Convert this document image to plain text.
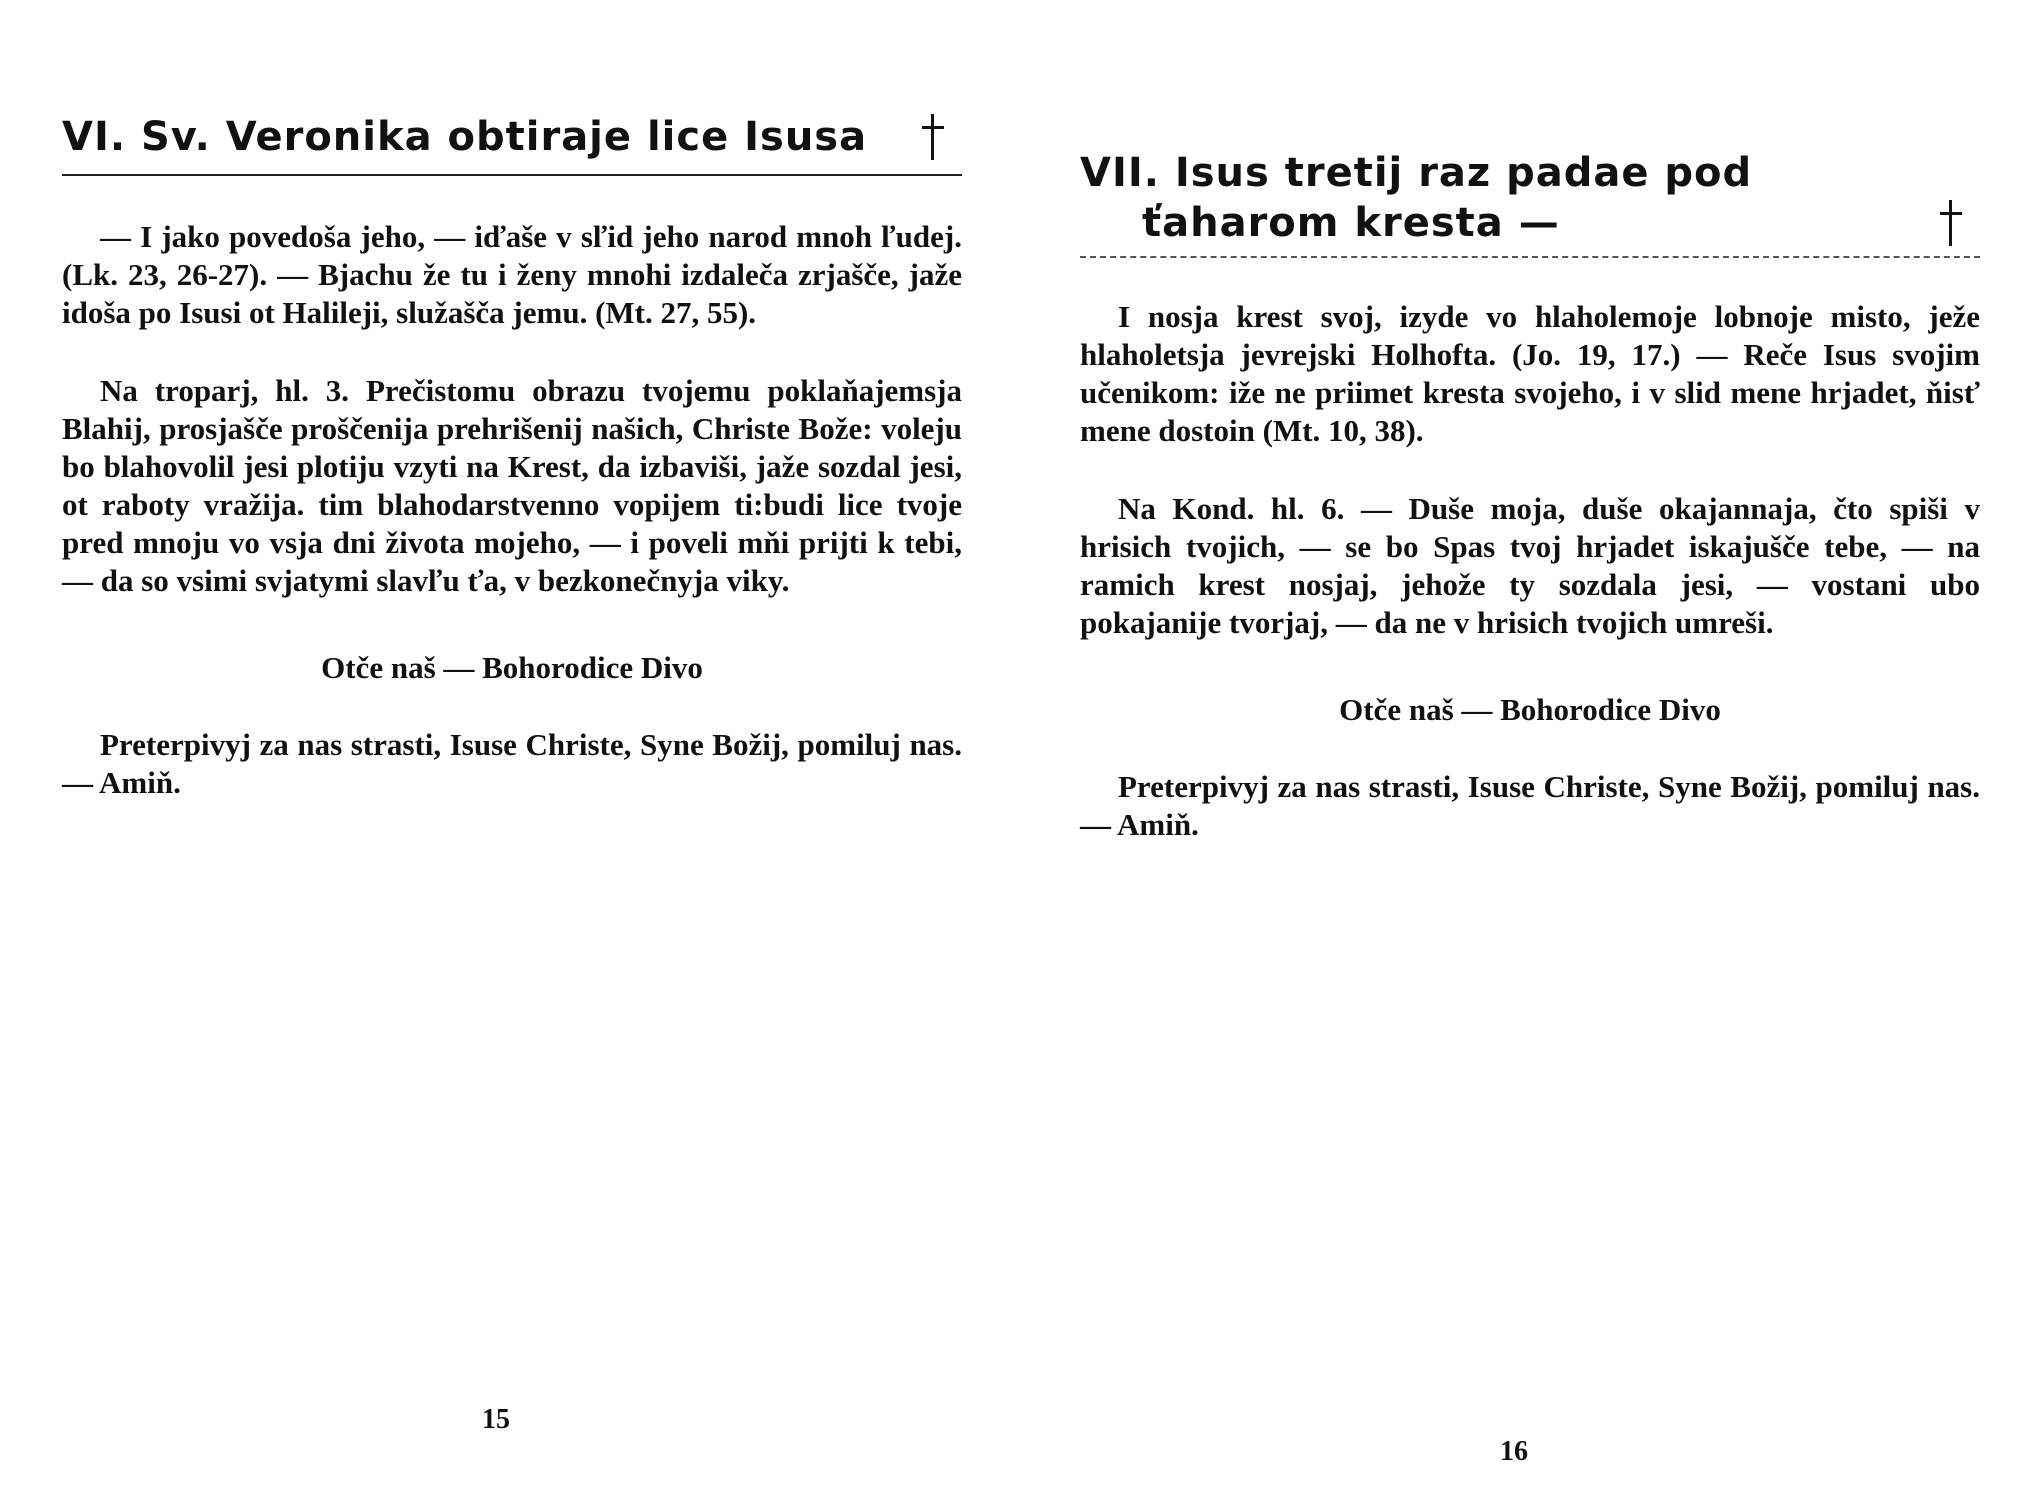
VI. Sv. Veronika obtiraje lice Isusa

— I jako povedoša jeho, — iďaše v sľid jeho narod mnoh ľudej. (Lk. 23, 26-27). — Bjachu že tu i ženy mnohi izdalеča zrjašče, jaže idoša po Isusi ot Halileji, služašča jemu. (Mt. 27, 55).

Na troparj, hl. 3. Prečistomu obrazu tvojemu poklaňajemsja Blahij, prosjašče proščenija prehrišenij našich, Christe Bože: voleju bo blahovolil jesi plotiju vzyti na Krest, da izbaviši, jaže sozdal jesi, ot raboty vražija. tim blahodarstvenno vopijem ti:budi lice tvoje pred mnoju vo vsja dni života mojeho, — i poveli mňi prijti k tebi, — da so vsimi svjatymi slavľu ťa, v bezkonečnyja viky.

Otče naš — Bohorodice Divo

Preterpivyj za nas strasti, Isuse Christe, Syne Božij, pomiluj nas. — Amiň.

15
VII. Isus tretij raz padae pod
ťaharom kresta —

I nosja krest svoj, izyde vo hlaholemoje lobnoje misto, ježe hlaholetsja jevrejski Holhofta. (Jo. 19, 17.) — Reče Isus svojim učenikom: iže ne priimet kresta svojeho, i v slid mene hrjadet, ňisť mene dostoin (Mt. 10, 38).

Na Kond. hl. 6. — Duše moja, duše okajannaja, čto spiši v hrisich tvojich, — se bo Spas tvoj hrjadet iskajušče tebe, — na ramich krest nosjaj, jehože ty sozdala jesi, — vostani ubo pokajanije tvorjaj, — da ne v hrisich tvojich umreši.

Otče naš — Bohorodice Divo

Preterpivyj za nas strasti, Isuse Christe, Syne Božij, pomiluj nas. — Amiň.

16
